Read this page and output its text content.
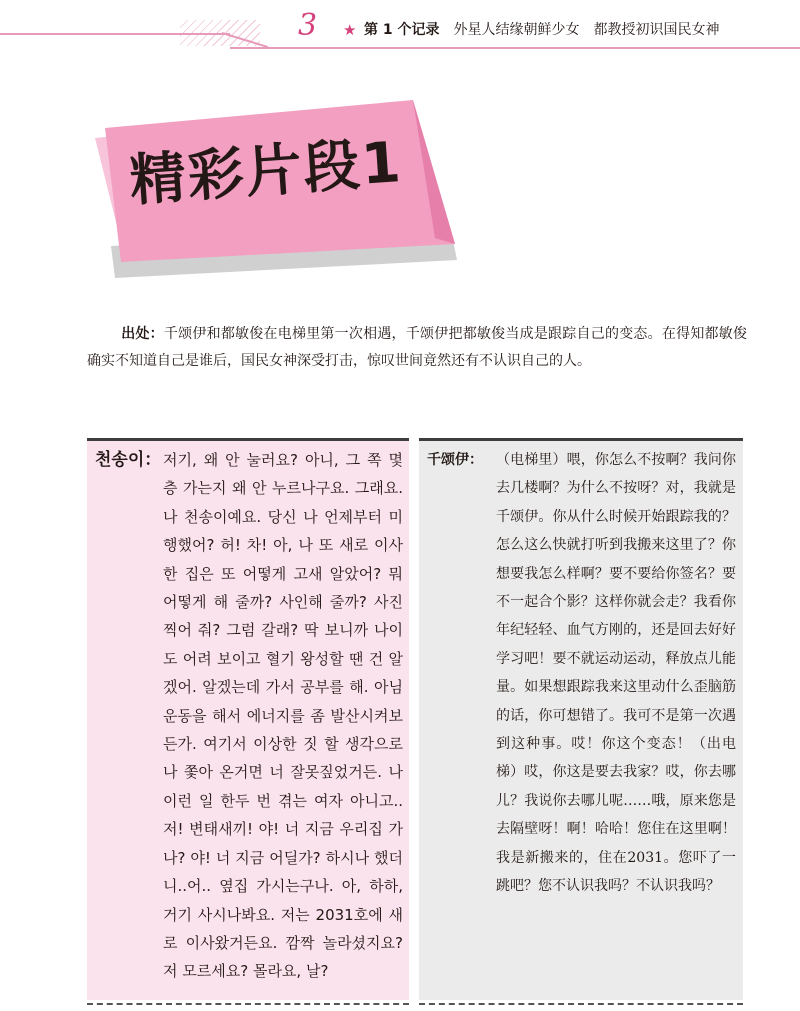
3 ★ 第 1 个记录　 外星人结缘朝鲜少女　都教授初识国民女神
精彩片段1
出处：千颂伊和都敏俊在电梯里第一次相遇，千颂伊把都敏俊当成是跟踪自己的变态。在得知都敏俊确实不知道自己是谁后，国民女神深受打击，惊叹世间竟然还有不认识自己的人。
천송이： 저기, 왜 안 눌러요? 아니, 그 쪽 몇 층 가는지 왜 안 누르나구요. 그래요. 나 천송이예요. 당신 나 언제부터 미행했어? 허! 차! 아, 나 또 새로 이사한 집은 또 어떻게 고새 알았어? 뭐 어떻게 해 줄까? 사인해 줄까? 사진 찍어 줘? 그럼 갈래? 딱 보니까 나이도 어려 보이고 혈기 왕성할 땐 건 알겠어. 알겠는데 가서 공부를 해. 아님 운동을 해서 에너지를 좀 발산시켜보든가. 여기서 이상한 짓 할 생각으로 나 쫓아 온거면 너 잘못짚었거든. 나 이런 일 한두 번 겪는 여자 아니고.. 저! 변태새끼! 야! 너 지금 우리집 가나? 야! 너 지금 어딜가? 하시나 했더니..어.. 옆집 가시는구나. 아, 하하, 거기 사시나봐요. 저는 2031호에 새로 이사왔거든요. 깜짝 놀라셨지요? 저 모르세요? 몰라요, 날?
千颂伊： （电梯里）喂，你怎么不按啊？我问你去几楼啊？为什么不按呀？对，我就是千颂伊。你从什么时候开始跟踪我的？怎么这么快就打听到我搬来这里了？你想要我怎么样啊？要不要给你签名？要不一起合个影？这样你就会走？我看你年纪轻轻、血气方刚的，还是回去好好学习吧！要不就运动运动，释放点儿能量。如果想跟踪我来这里动什么歪脑筋的话，你可想错了。我可不是第一次遇到这种事。哎！你这个变态！（出电梯）哎，你这是要去我家？哎，你去哪儿？我说你去哪儿呢……哦，原来您是去隔壁呀！啊！哈哈！您住在这里啊！我是新搬来的，住在2031。您吓了一跳吧？您不认识我吗？不认识我吗？
